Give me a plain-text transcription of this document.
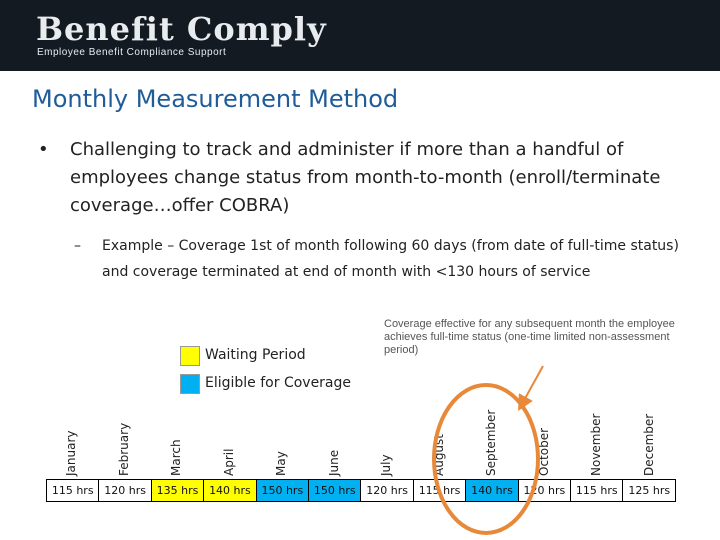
Benefit Comply
Employee Benefit Compliance Support
Monthly Measurement Method
• Challenging to track and administer if more than a handful of employees change status from month-to-month (enroll/terminate coverage…offer COBRA)
– Example – Coverage 1st of month following 60 days (from date of full-time status) and coverage terminated at end of month with <130 hours of service
Coverage effective for any subsequent month the employee achieves full-time status (one-time limited non-assessment period)
Waiting Period
Eligible for Coverage
January	February	March	April	May	June	July	August	September	October	November	December
115 hrs	120 hrs	135 hrs	140 hrs	150 hrs	150 hrs	120 hrs	115 hrs	140 hrs	120 hrs	115 hrs	125 hrs
